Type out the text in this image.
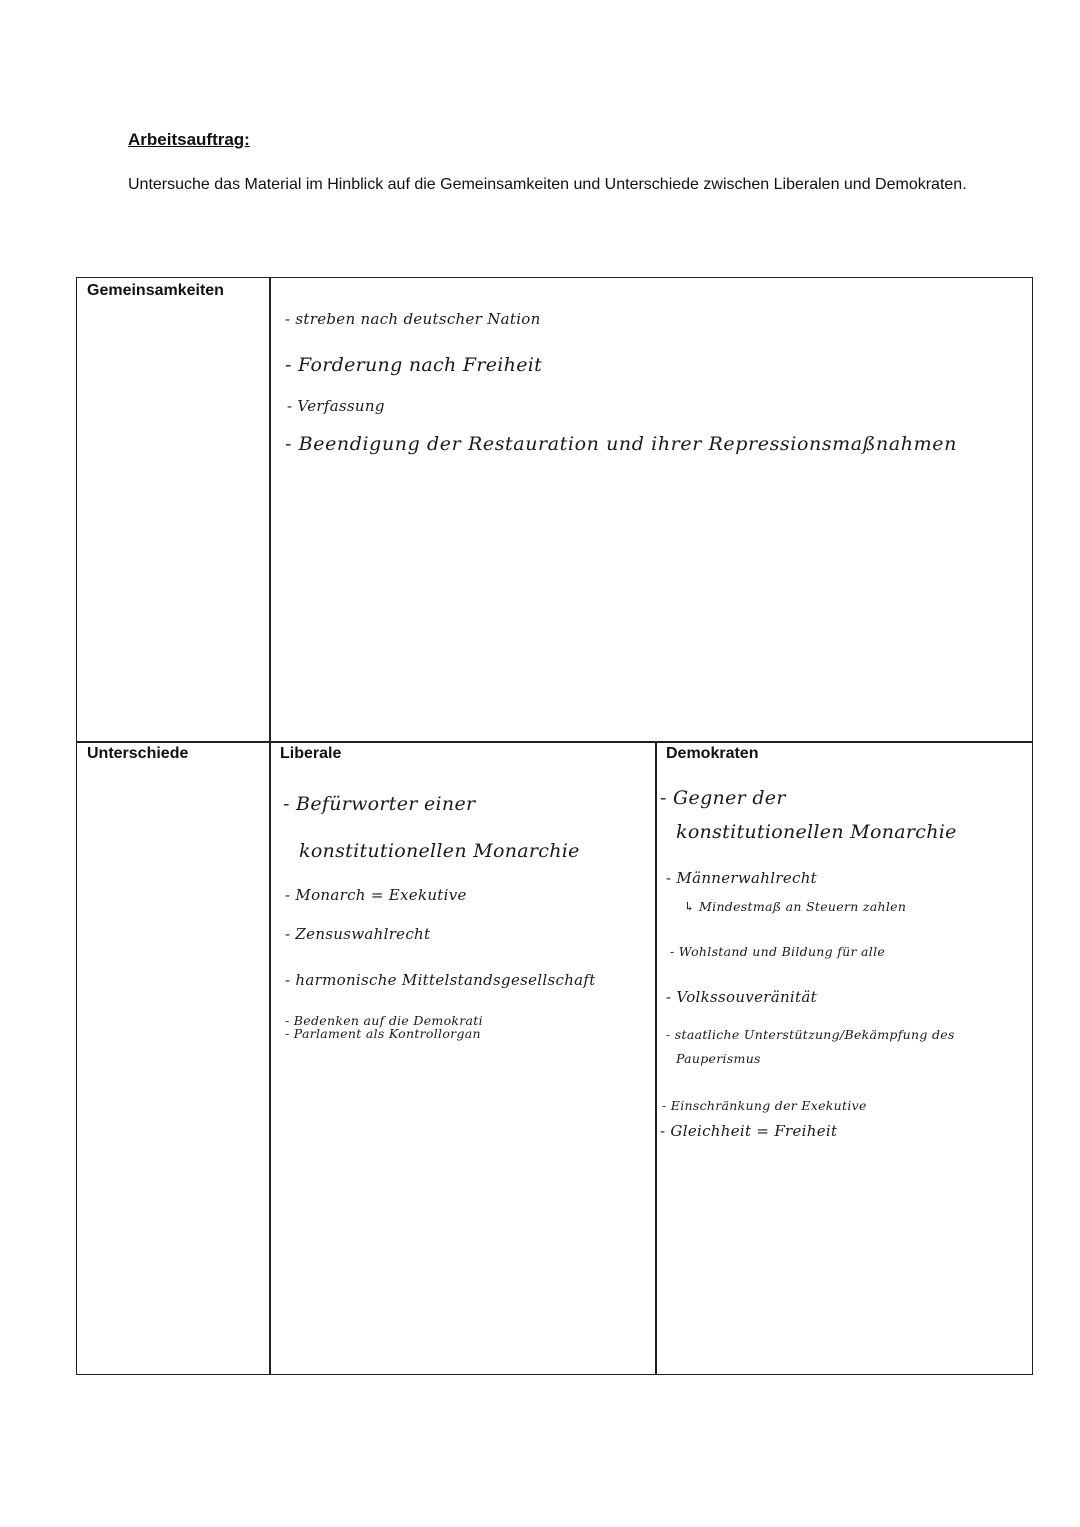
Arbeitsauftrag:

Untersuche das Material im Hinblick auf die Gemeinsamkeiten und Unterschiede zwischen Liberalen und Demokraten.

Gemeinsamkeiten

Unterschiede	Liberale	Demokraten

- streben nach deutscher Nation

- Forderung nach Freiheit

- Verfassung

- Beendigung der Restauration und ihrer Repressionsmaßnahmen

- Befürworter einer

konstitutionellen Monarchie

- Monarch = Exekutive

- Zensuswahlrecht

- harmonische Mittelstandsgesellschaft

- Bedenken auf die Demokrati

- Parlament als Kontrollorgan

- Gegner der

konstitutionellen Monarchie

- Männerwahlrecht

↳ Mindestmaß an Steuern zahlen

- Wohlstand und Bildung für alle

- Volkssouveränität

- staatliche Unterstützung/Bekämpfung des

Pauperismus

- Einschränkung der Exekutive

- Gleichheit = Freiheit
